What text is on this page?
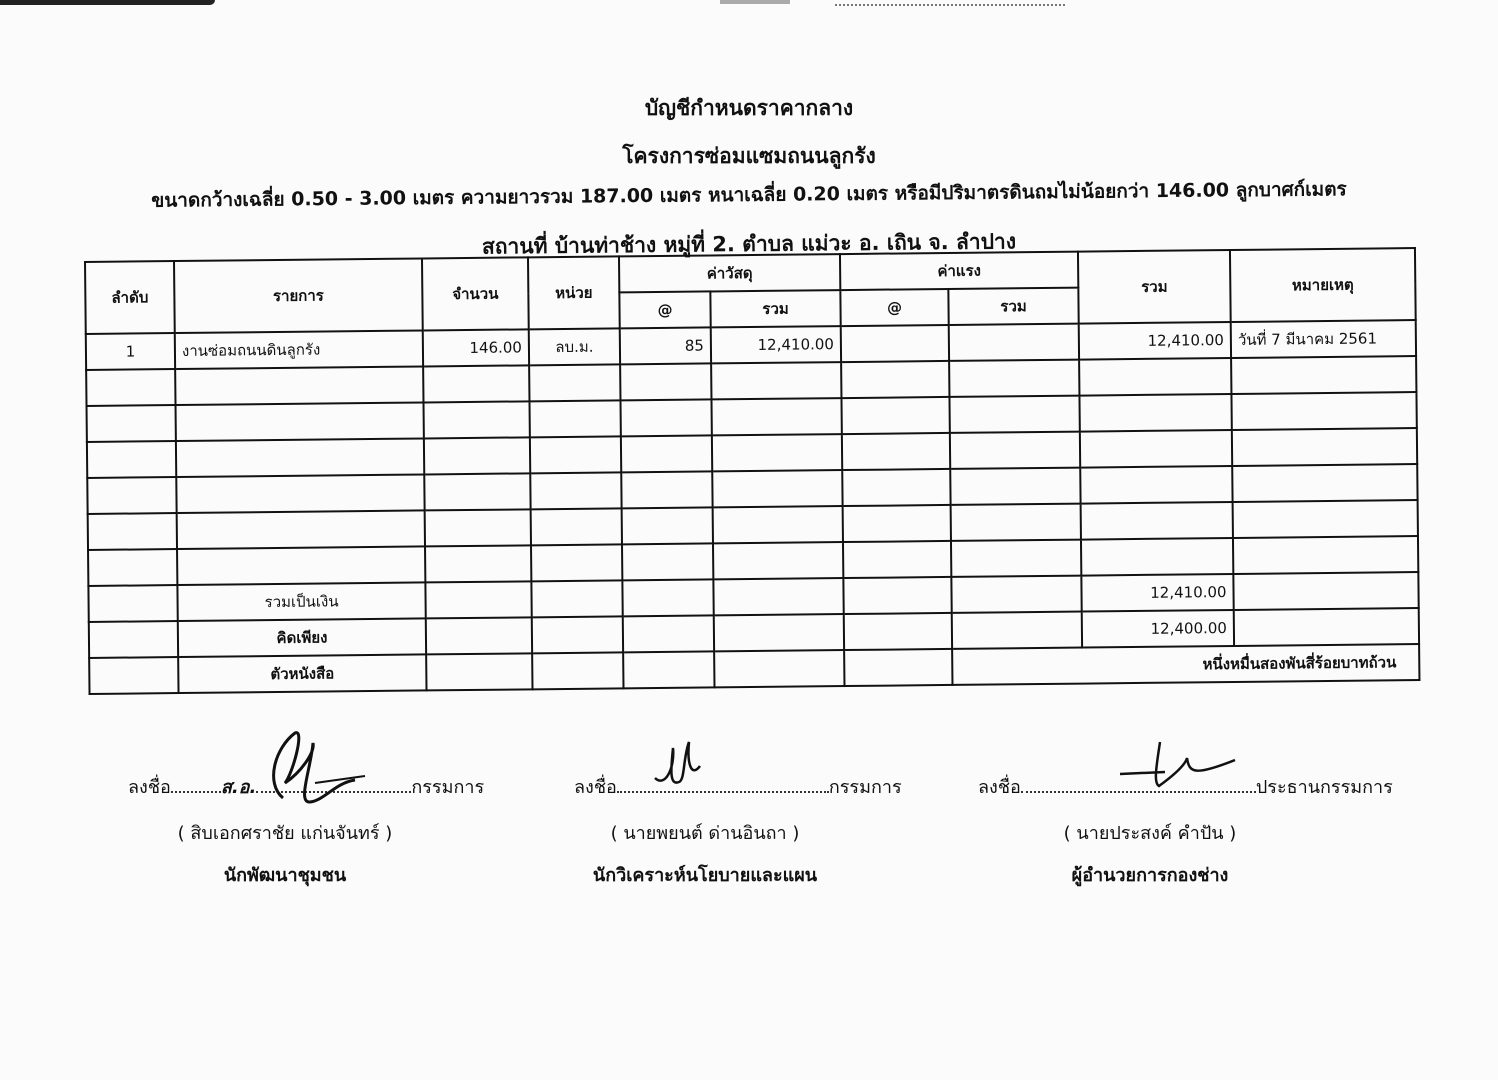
บัญชีกำหนดราคากลาง
โครงการซ่อมแซมถนนลูกรัง
ขนาดกว้างเฉลี่ย 0.50 - 3.00 เมตร ความยาวรวม 187.00 เมตร หนาเฉลี่ย 0.20 เมตร หรือมีปริมาตรดินถมไม่น้อยกว่า 146.00 ลูกบาศก์เมตร
สถานที่ บ้านท่าช้าง หมู่ที่ 2. ตำบล แม่วะ อ. เถิน จ. ลำปาง
ลำดับ	รายการ	จำนวน	หน่วย	ค่าวัสดุ		ค่าแรง		รวม	หมายเหตุ
				@	รวม	@	รวม		
1	งานซ่อมถนนดินลูกรัง	146.00	ลบ.ม.	85	12,410.00			12,410.00	วันที่ 7 มีนาคม 2561

	รวมเป็นเงิน							12,410.00	
	คิดเพียง							12,400.00	
	ตัวหนังสือ						หนึ่งหมื่นสองพันสี่ร้อยบาทถ้วน		
ลงชื่อ	ส.อ.	กรรมการ
( สิบเอกศราชัย แก่นจันทร์ )
นักพัฒนาชุมชน
ลงชื่อ	กรรมการ
( นายพยนต์ ด่านอินถา )
นักวิเคราะห์นโยบายและแผน
ลงชื่อ	ประธานกรรมการ
( นายประสงค์ คำปัน )
ผู้อำนวยการกองช่าง
